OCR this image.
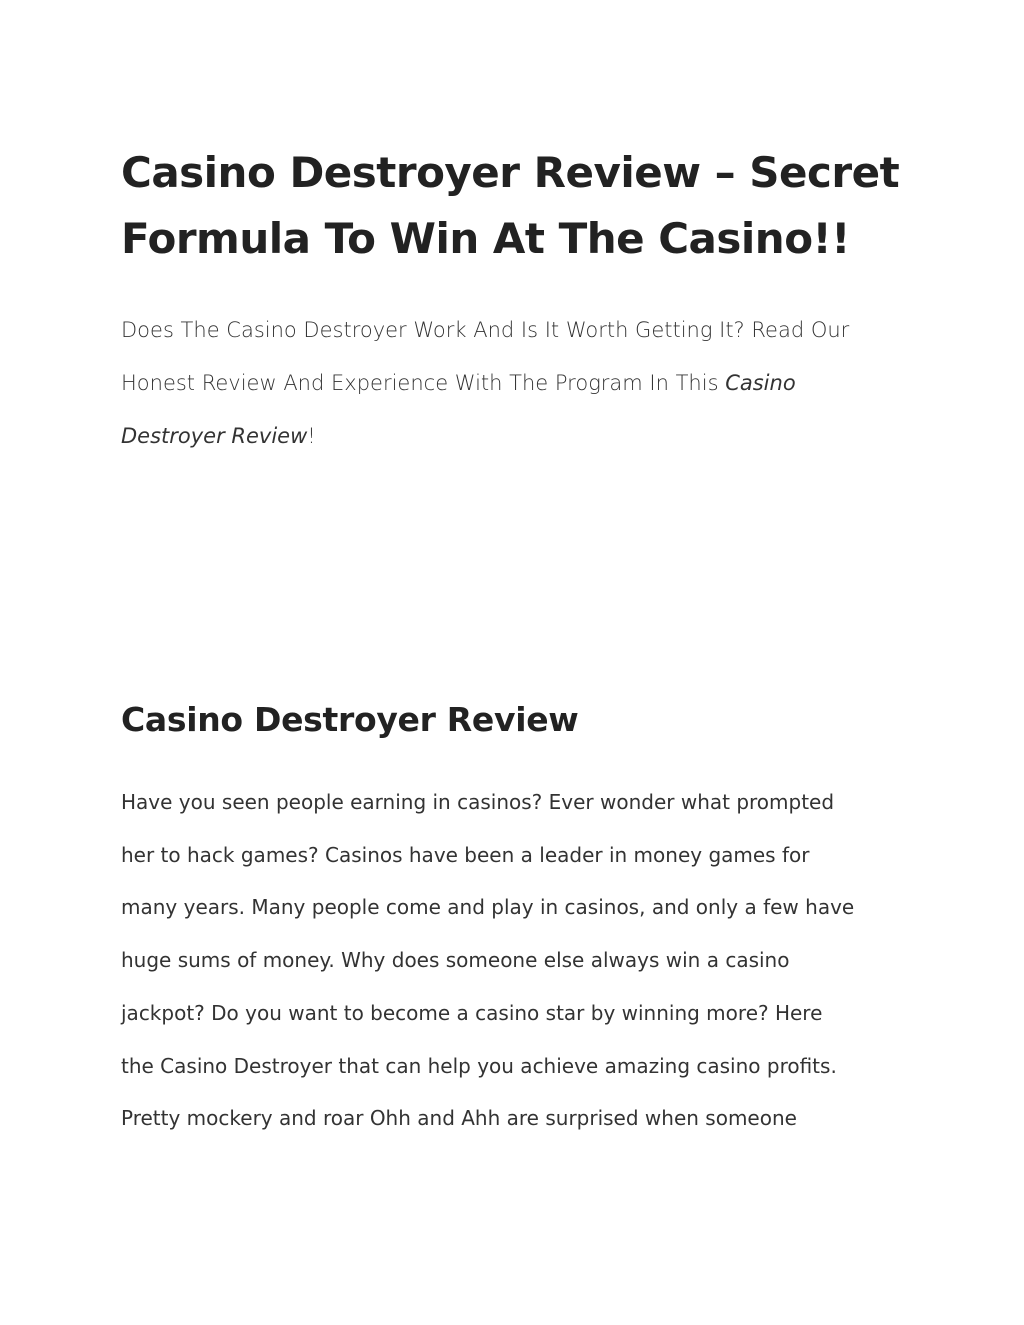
Casino Destroyer Review – Secret
Formula To Win At The Casino!!

Does The Casino Destroyer Work And Is It Worth Getting It? Read Our
Honest Review And Experience With The Program In This Casino
Destroyer Review!

Casino Destroyer Review

Have you seen people earning in casinos? Ever wonder what prompted
her to hack games? Casinos have been a leader in money games for
many years. Many people come and play in casinos, and only a few have
huge sums of money. Why does someone else always win a casino
jackpot? Do you want to become a casino star by winning more? Here
the Casino Destroyer that can help you achieve amazing casino profits.
Pretty mockery and roar Ohh and Ahh are surprised when someone
